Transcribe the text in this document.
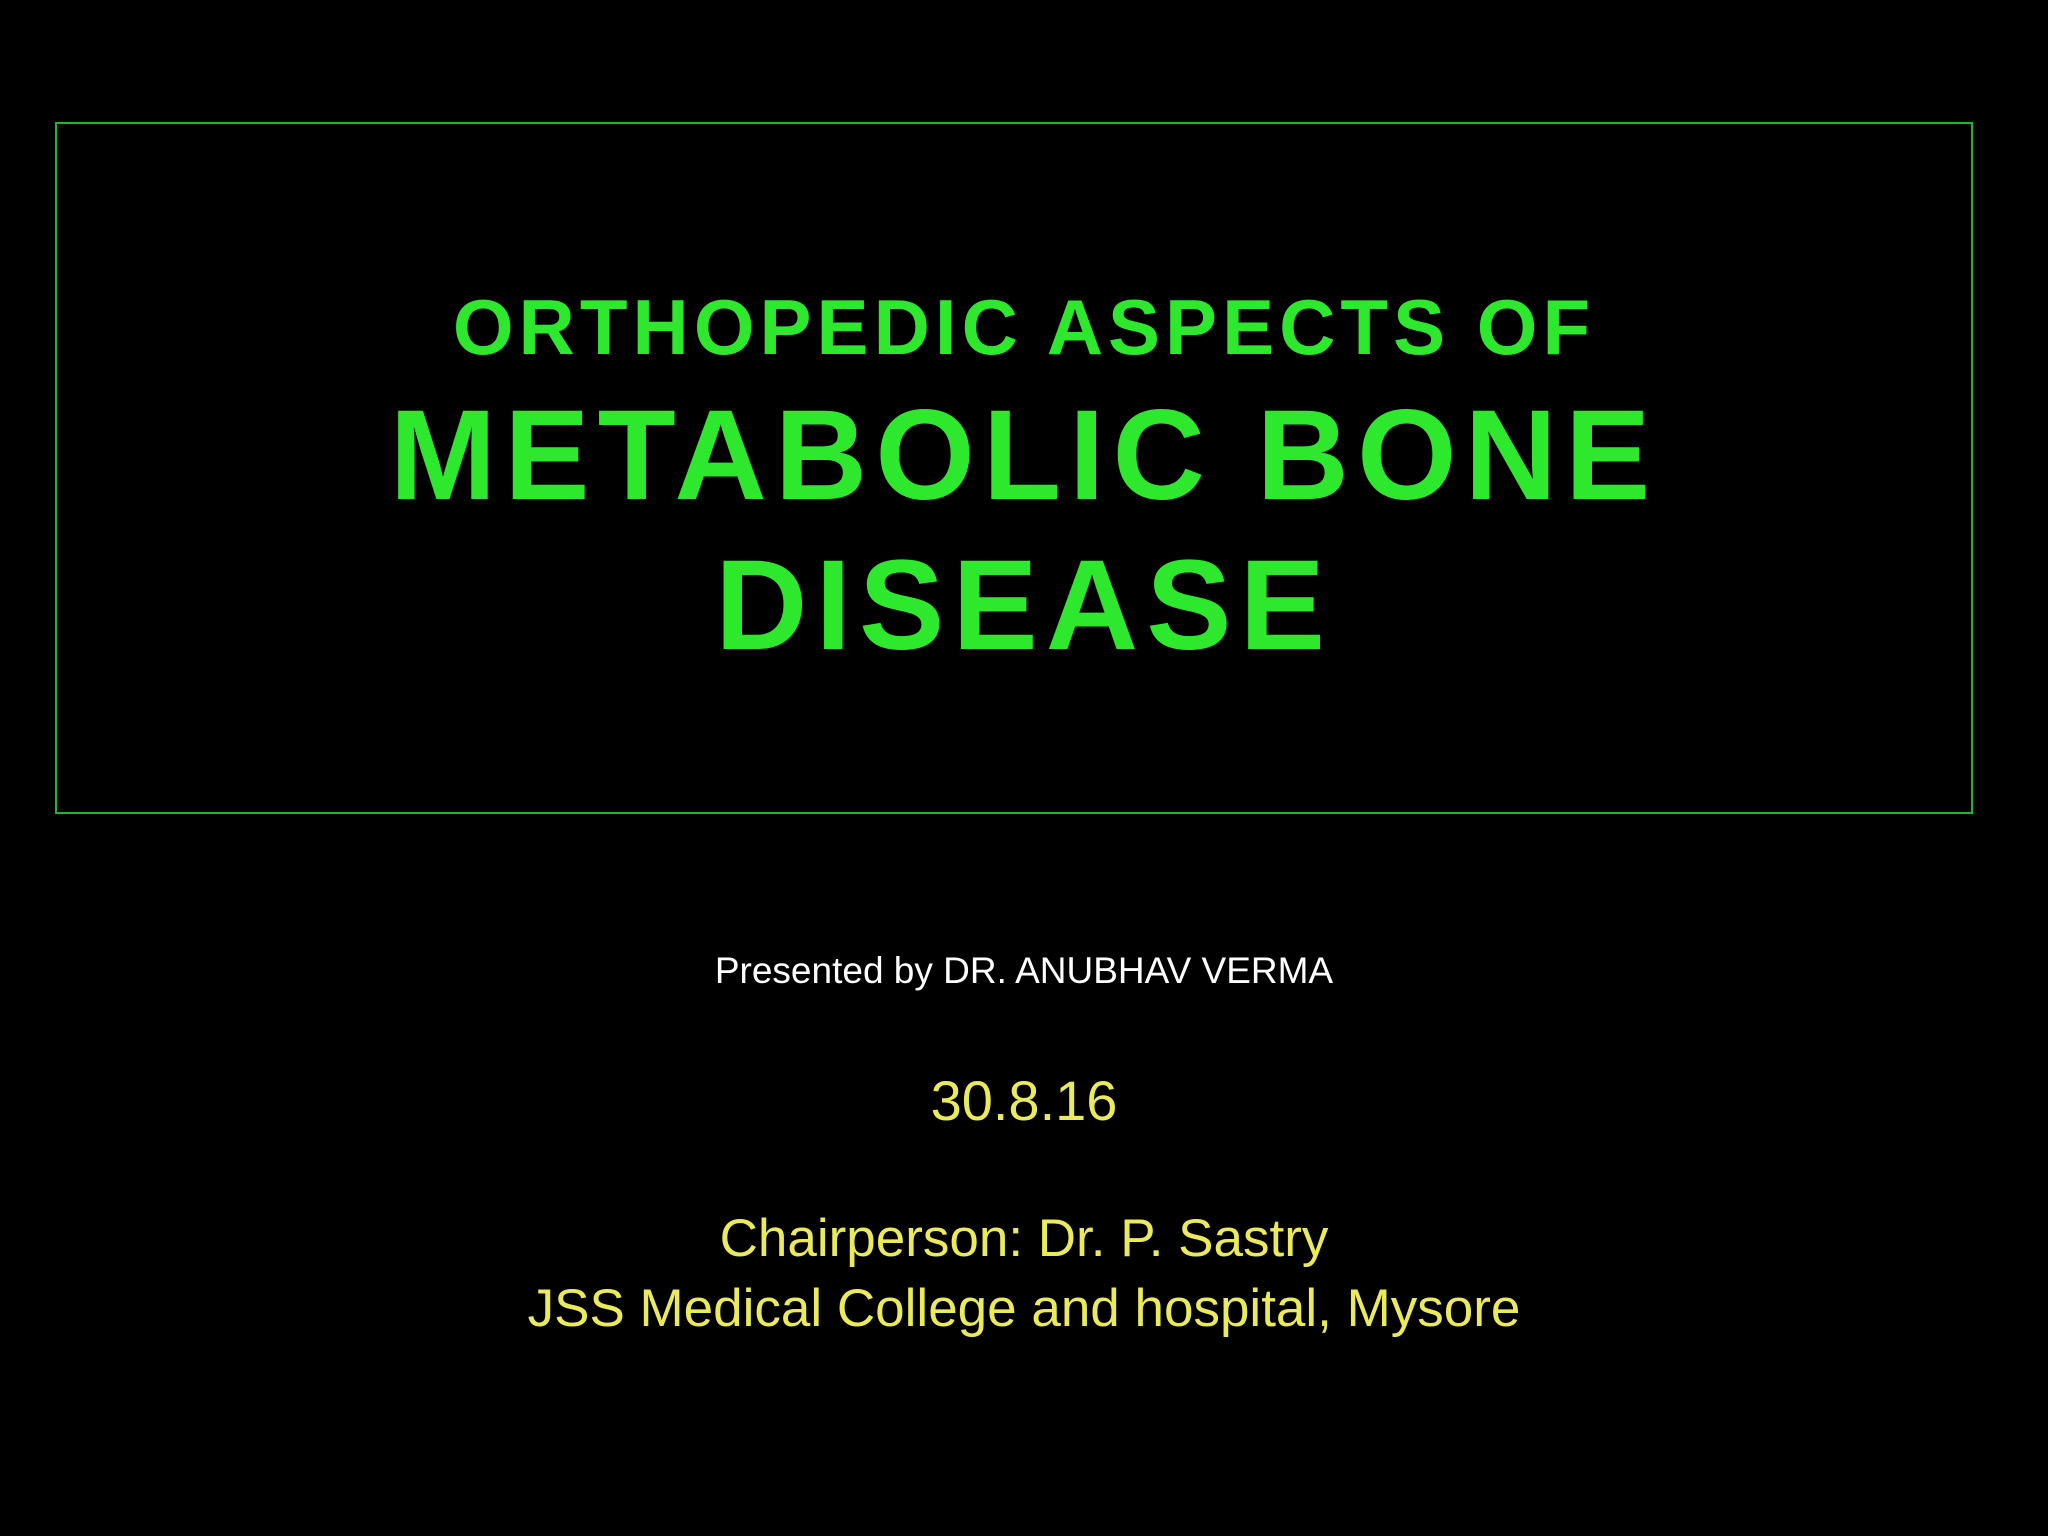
ORTHOPEDIC ASPECTS OF
METABOLIC BONE
DISEASE
Presented by DR. ANUBHAV VERMA
30.8.16
Chairperson: Dr. P. Sastry
JSS Medical College and hospital, Mysore
